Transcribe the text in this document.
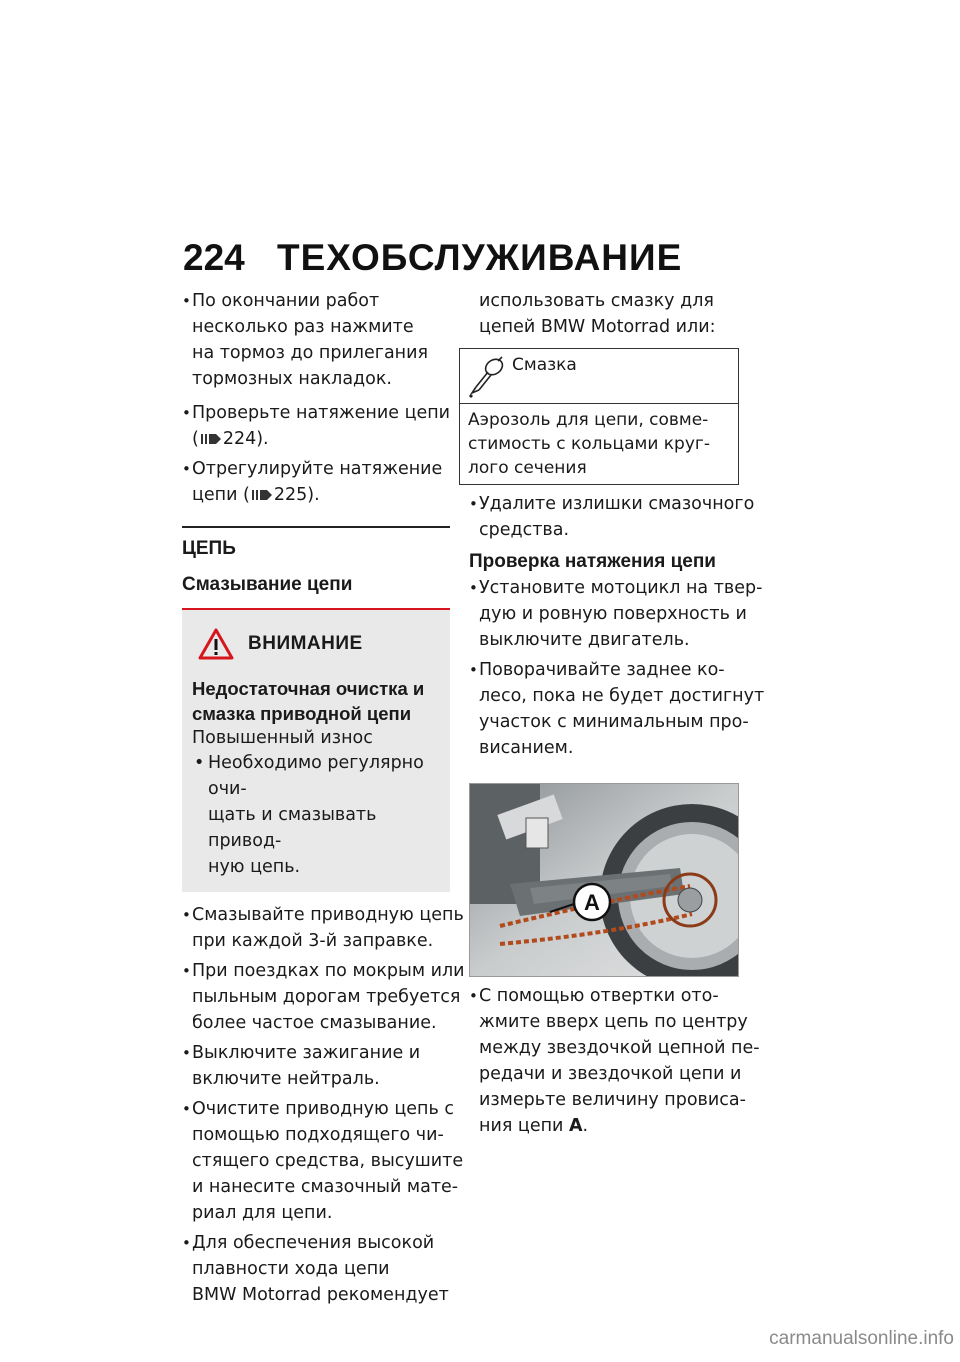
224 ТЕХОБСЛУЖИВАНИЕ
• По окончании работ
несколько раз нажмите
на тормоз до прилегания
тормозных накладок.
• Проверьте натяжение цепи
( 224).
• Отрегулируйте натяжение
цепи ( 225).
ЦЕПЬ
Смазывание цепи
ВНИМАНИЕ
Недостаточная очистка и
смазка приводной цепи
Повышенный износ
• Необходимо регулярно очи-
щать и смазывать привод-
ную цепь.
• Смазывайте приводную цепь
при каждой 3-й заправке.
• При поездках по мокрым или
пыльным дорогам требуется
более частое смазывание.
• Выключите зажигание и
включите нейтраль.
• Очистите приводную цепь с
помощью подходящего чи-
стящего средства, высушите
и нанесите смазочный мате-
риал для цепи.
• Для обеспечения высокой
плавности хода цепи
BMW Motorrad рекомендует
использовать смазку для
цепей BMW Motorrad или:
Смазка
Аэрозоль для цепи, совме-
стимость с кольцами круг-
лого сечения
• Удалите излишки смазочного
средства.
Проверка натяжения цепи
• Установите мотоцикл на твер-
дую и ровную поверхность и
выключите двигатель.
• Поворачивайте заднее ко-
лесо, пока не будет достигнут
участок с минимальным про-
висанием.
A
• С помощью отвертки ото-
жмите вверх цепь по центру
между звездочкой цепной пе-
редачи и звездочкой цепи и
измерьте величину провиса-
ния цепи A.
carmanualsonline.info
